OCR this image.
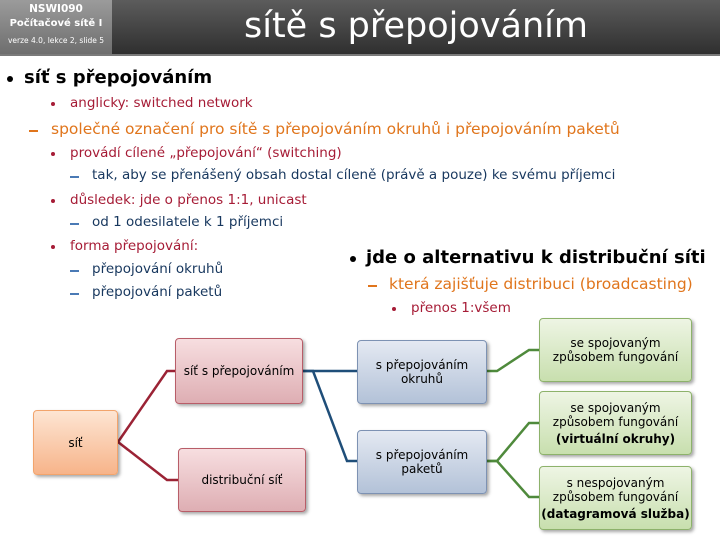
NSWI090
Počítačové sítě I
verze 4.0, lekce 2, slide 5	sítě s přepojováním
síť s přepojováním
anglicky: switched network
společné označení pro sítě s přepojováním okruhů i přepojováním paketů
provádí cílené „přepojování“ (switching)
tak, aby se přenášený obsah dostal cíleně (právě a pouze) ke svému příjemci
důsledek: jde o přenos 1:1, unicast
od 1 odesilatele k 1 příjemci
forma přepojování:
přepojování okruhů
přepojování paketů
jde o alternativu k distribuční síti
která zajišťuje distribuci (broadcasting)
přenos 1:všem
síť
síť s přepojováním
distribuční síť
s přepojováním okruhů
s přepojováním paketů
se spojovaným způsobem fungování
se spojovaným způsobem fungování
(virtuální okruhy)
s nespojovaným způsobem fungování
(datagramová služba)
